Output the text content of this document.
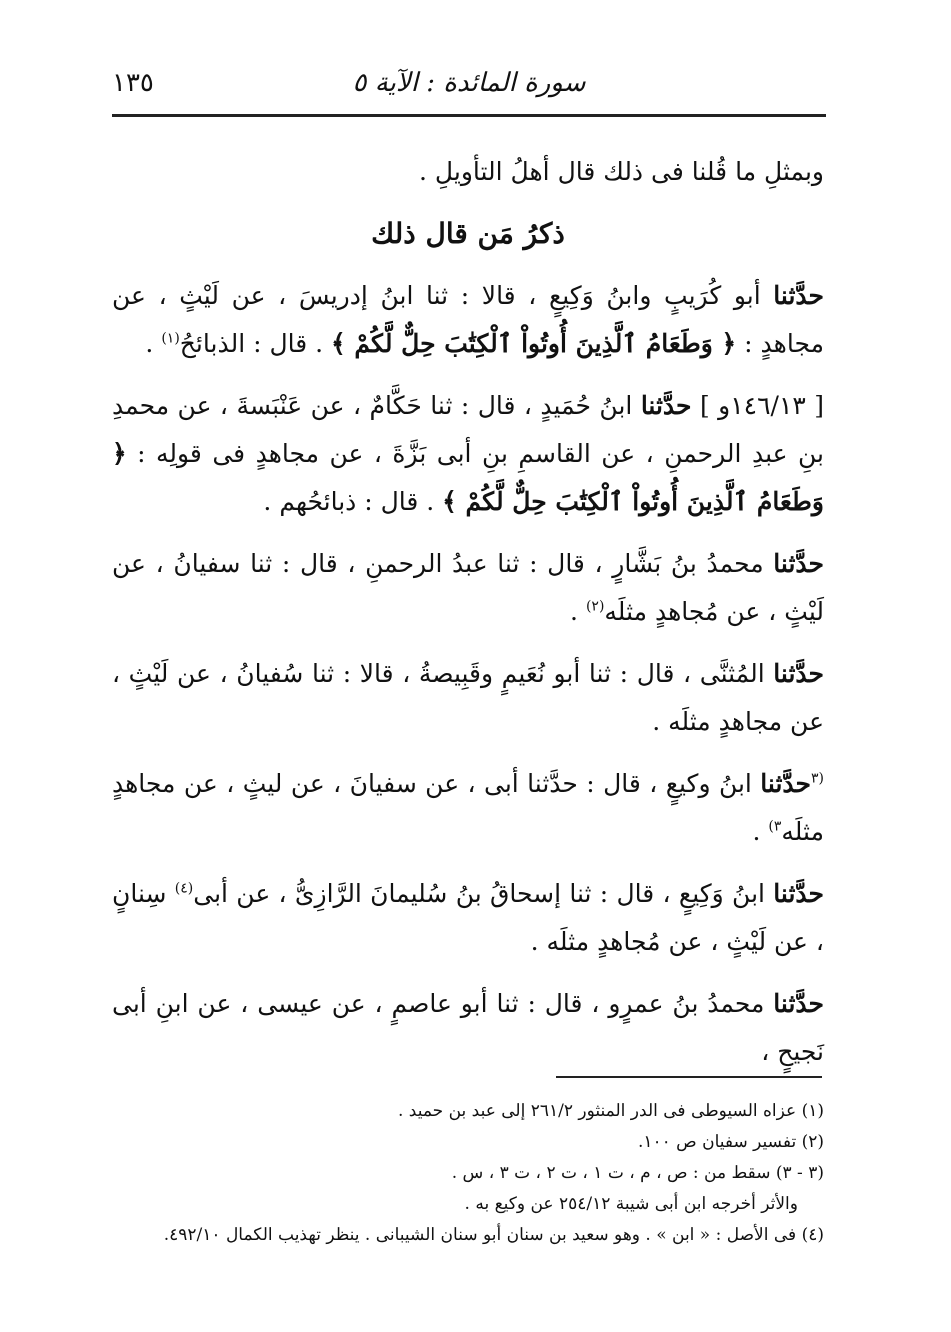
سورة المائدة : الآية ٥
١٣٥

وبمثلِ ما قُلنا فى ذلك قال أهلُ التأويلِ .

ذكرُ مَن قال ذلك

حدَّثنا أبو كُرَيبٍ وابنُ وَكِيعٍ ، قالا : ثنا ابنُ إدريسَ ، عن لَيْثٍ ، عن مجاهدٍ : ﴿ وَطَعَامُ ٱلَّذِينَ أُوتُواْ ٱلْكِتَٰبَ حِلٌّ لَّكُمْ ﴾ . قال : الذبائحُ$^{(١)}$ .

[ ١٤٦/١٣و ] حدَّثنا ابنُ حُمَيدٍ ، قال : ثنا حَكَّامٌ ، عن عَنْبَسةَ ، عن محمدِ بنِ عبدِ الرحمنِ ، عن القاسمِ بنِ أبى بَزَّةَ ، عن مجاهدٍ فى قولِه : ﴿ وَطَعَامُ ٱلَّذِينَ أُوتُواْ ٱلْكِتَٰبَ حِلٌّ لَّكُمْ ﴾ . قال : ذبائحُهم .

حدَّثنا محمدُ بنُ بَشَّارٍ ، قال : ثنا عبدُ الرحمنِ ، قال : ثنا سفيانُ ، عن لَيْثٍ ، عن مُجاهدٍ مثلَه$^{(٢)}$ .

حدَّثنا المُثنَّى ، قال : ثنا أبو نُعَيمٍ وقَبِيصةُ ، قالا : ثنا سُفيانُ ، عن لَيْثٍ ، عن مجاهدٍ مثلَه .

$^{(٣}$حدَّثنا ابنُ وكيعٍ ، قال : حدَّثنا أبى ، عن سفيانَ ، عن ليثٍ ، عن مجاهدٍ مثلَه$^{٣)}$ .

حدَّثنا ابنُ وَكِيعٍ ، قال : ثنا إسحاقُ بنُ سُليمانَ الرَّازِىُّ ، عن أبى$^{(٤)}$ سِنانٍ ، عن لَيْثٍ ، عن مُجاهدٍ مثلَه .

حدَّثنا محمدُ بنُ عمرٍو ، قال : ثنا أبو عاصمٍ ، عن عيسى ، عن ابنِ أبى نَجيحٍ ،

(١) عزاه السيوطى فى الدر المنثور ٢٦١/٢ إلى عبد بن حميد .
(٢) تفسير سفيان ص ١٠٠.
(٣ - ٣) سقط من : ص ، م ، ت ١ ، ت ٢ ، ت ٣ ، س .
والأثر أخرجه ابن أبى شيبة ٢٥٤/١٢ عن وكيع به .
(٤) فى الأصل : « ابن » . وهو سعيد بن سنان أبو سنان الشيبانى . ينظر تهذيب الكمال ٤٩٢/١٠.
